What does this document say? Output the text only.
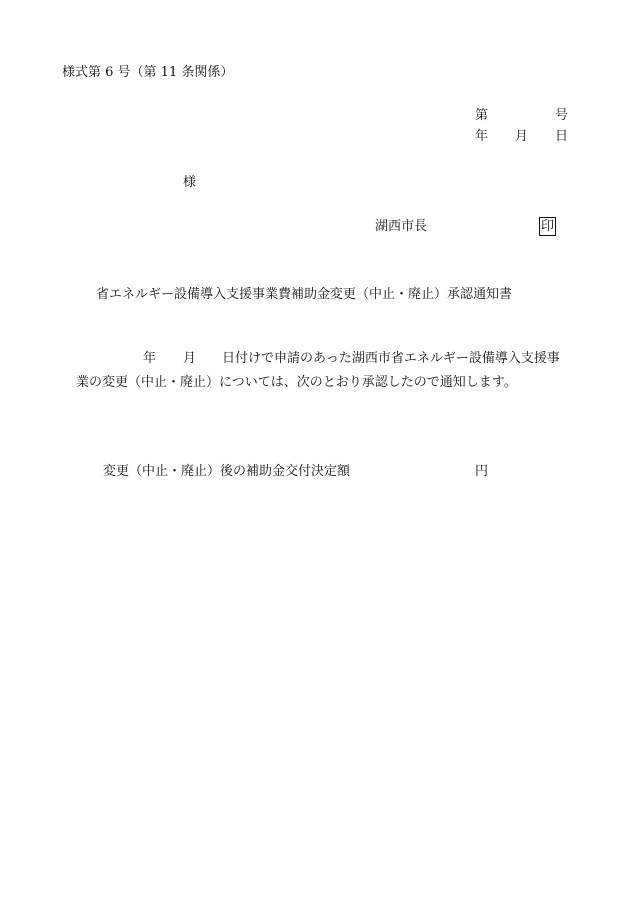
様式第 6 号（第 11 条関係）
第	号
年 月 日
様
湖西市長	印
省エネルギー設備導入支援事業費補助金変更（中止・廃止）承認通知書
年 月 日付けで申請のあった湖西市省エネルギー設備導入支援事
業の変更（中止・廃止）については、次のとおり承認したので通知します。
変更（中止・廃止）後の補助金交付決定額	円
